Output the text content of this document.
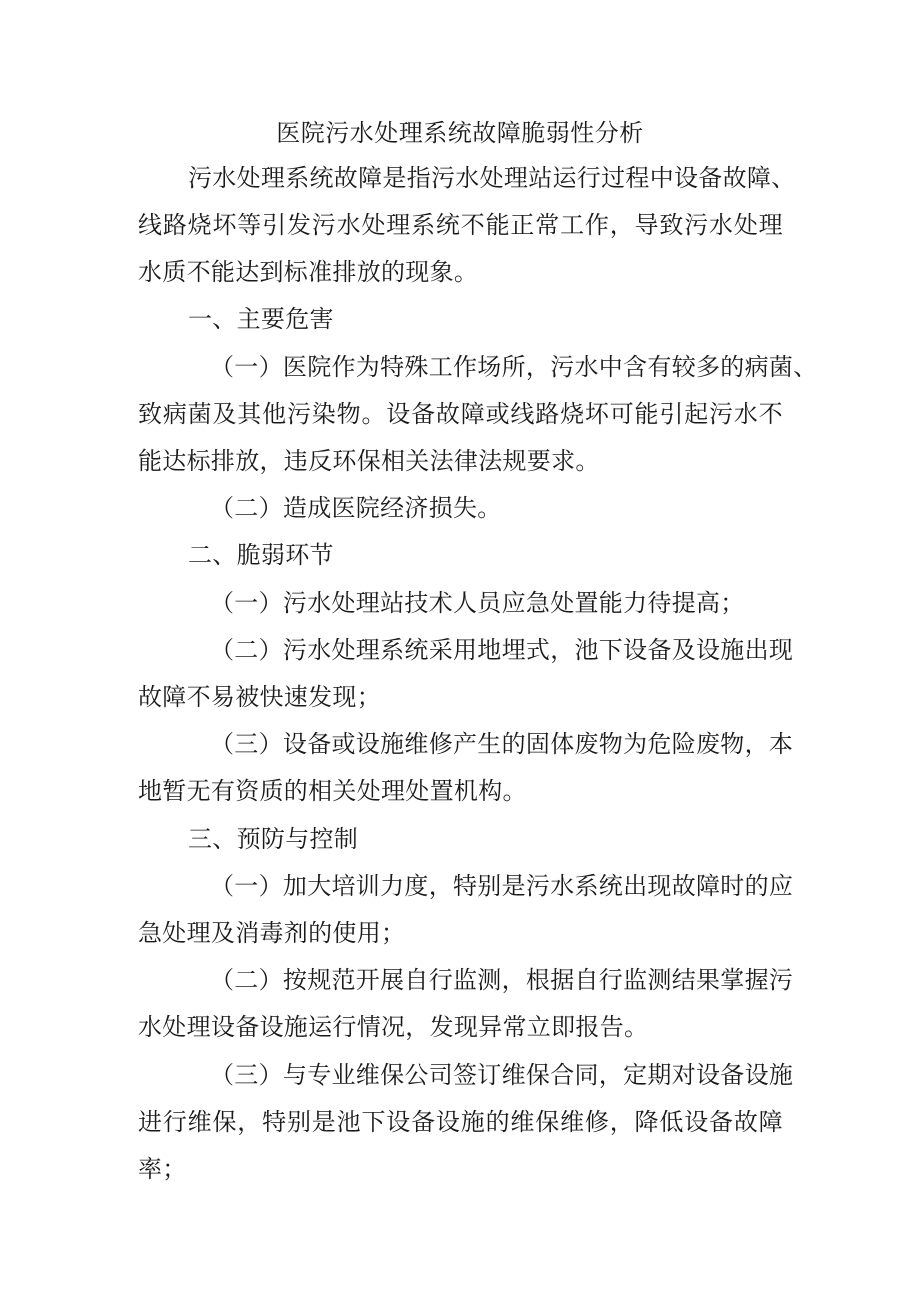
医院污水处理系统故障脆弱性分析
污水处理系统故障是指污水处理站运行过程中设备故障、
线路烧坏等引发污水处理系统不能正常工作，导致污水处理
水质不能达到标准排放的现象。
一、主要危害
（一）医院作为特殊工作场所，污水中含有较多的病菌、
致病菌及其他污染物。设备故障或线路烧坏可能引起污水不
能达标排放，违反环保相关法律法规要求。
（二）造成医院经济损失。
二、脆弱环节
（一）污水处理站技术人员应急处置能力待提高；
（二）污水处理系统采用地埋式，池下设备及设施出现
故障不易被快速发现；
（三）设备或设施维修产生的固体废物为危险废物，本
地暂无有资质的相关处理处置机构。
三、预防与控制
（一）加大培训力度，特别是污水系统出现故障时的应
急处理及消毒剂的使用；
（二）按规范开展自行监测，根据自行监测结果掌握污
水处理设备设施运行情况，发现异常立即报告。
（三）与专业维保公司签订维保合同，定期对设备设施
进行维保，特别是池下设备设施的维保维修，降低设备故障
率；
